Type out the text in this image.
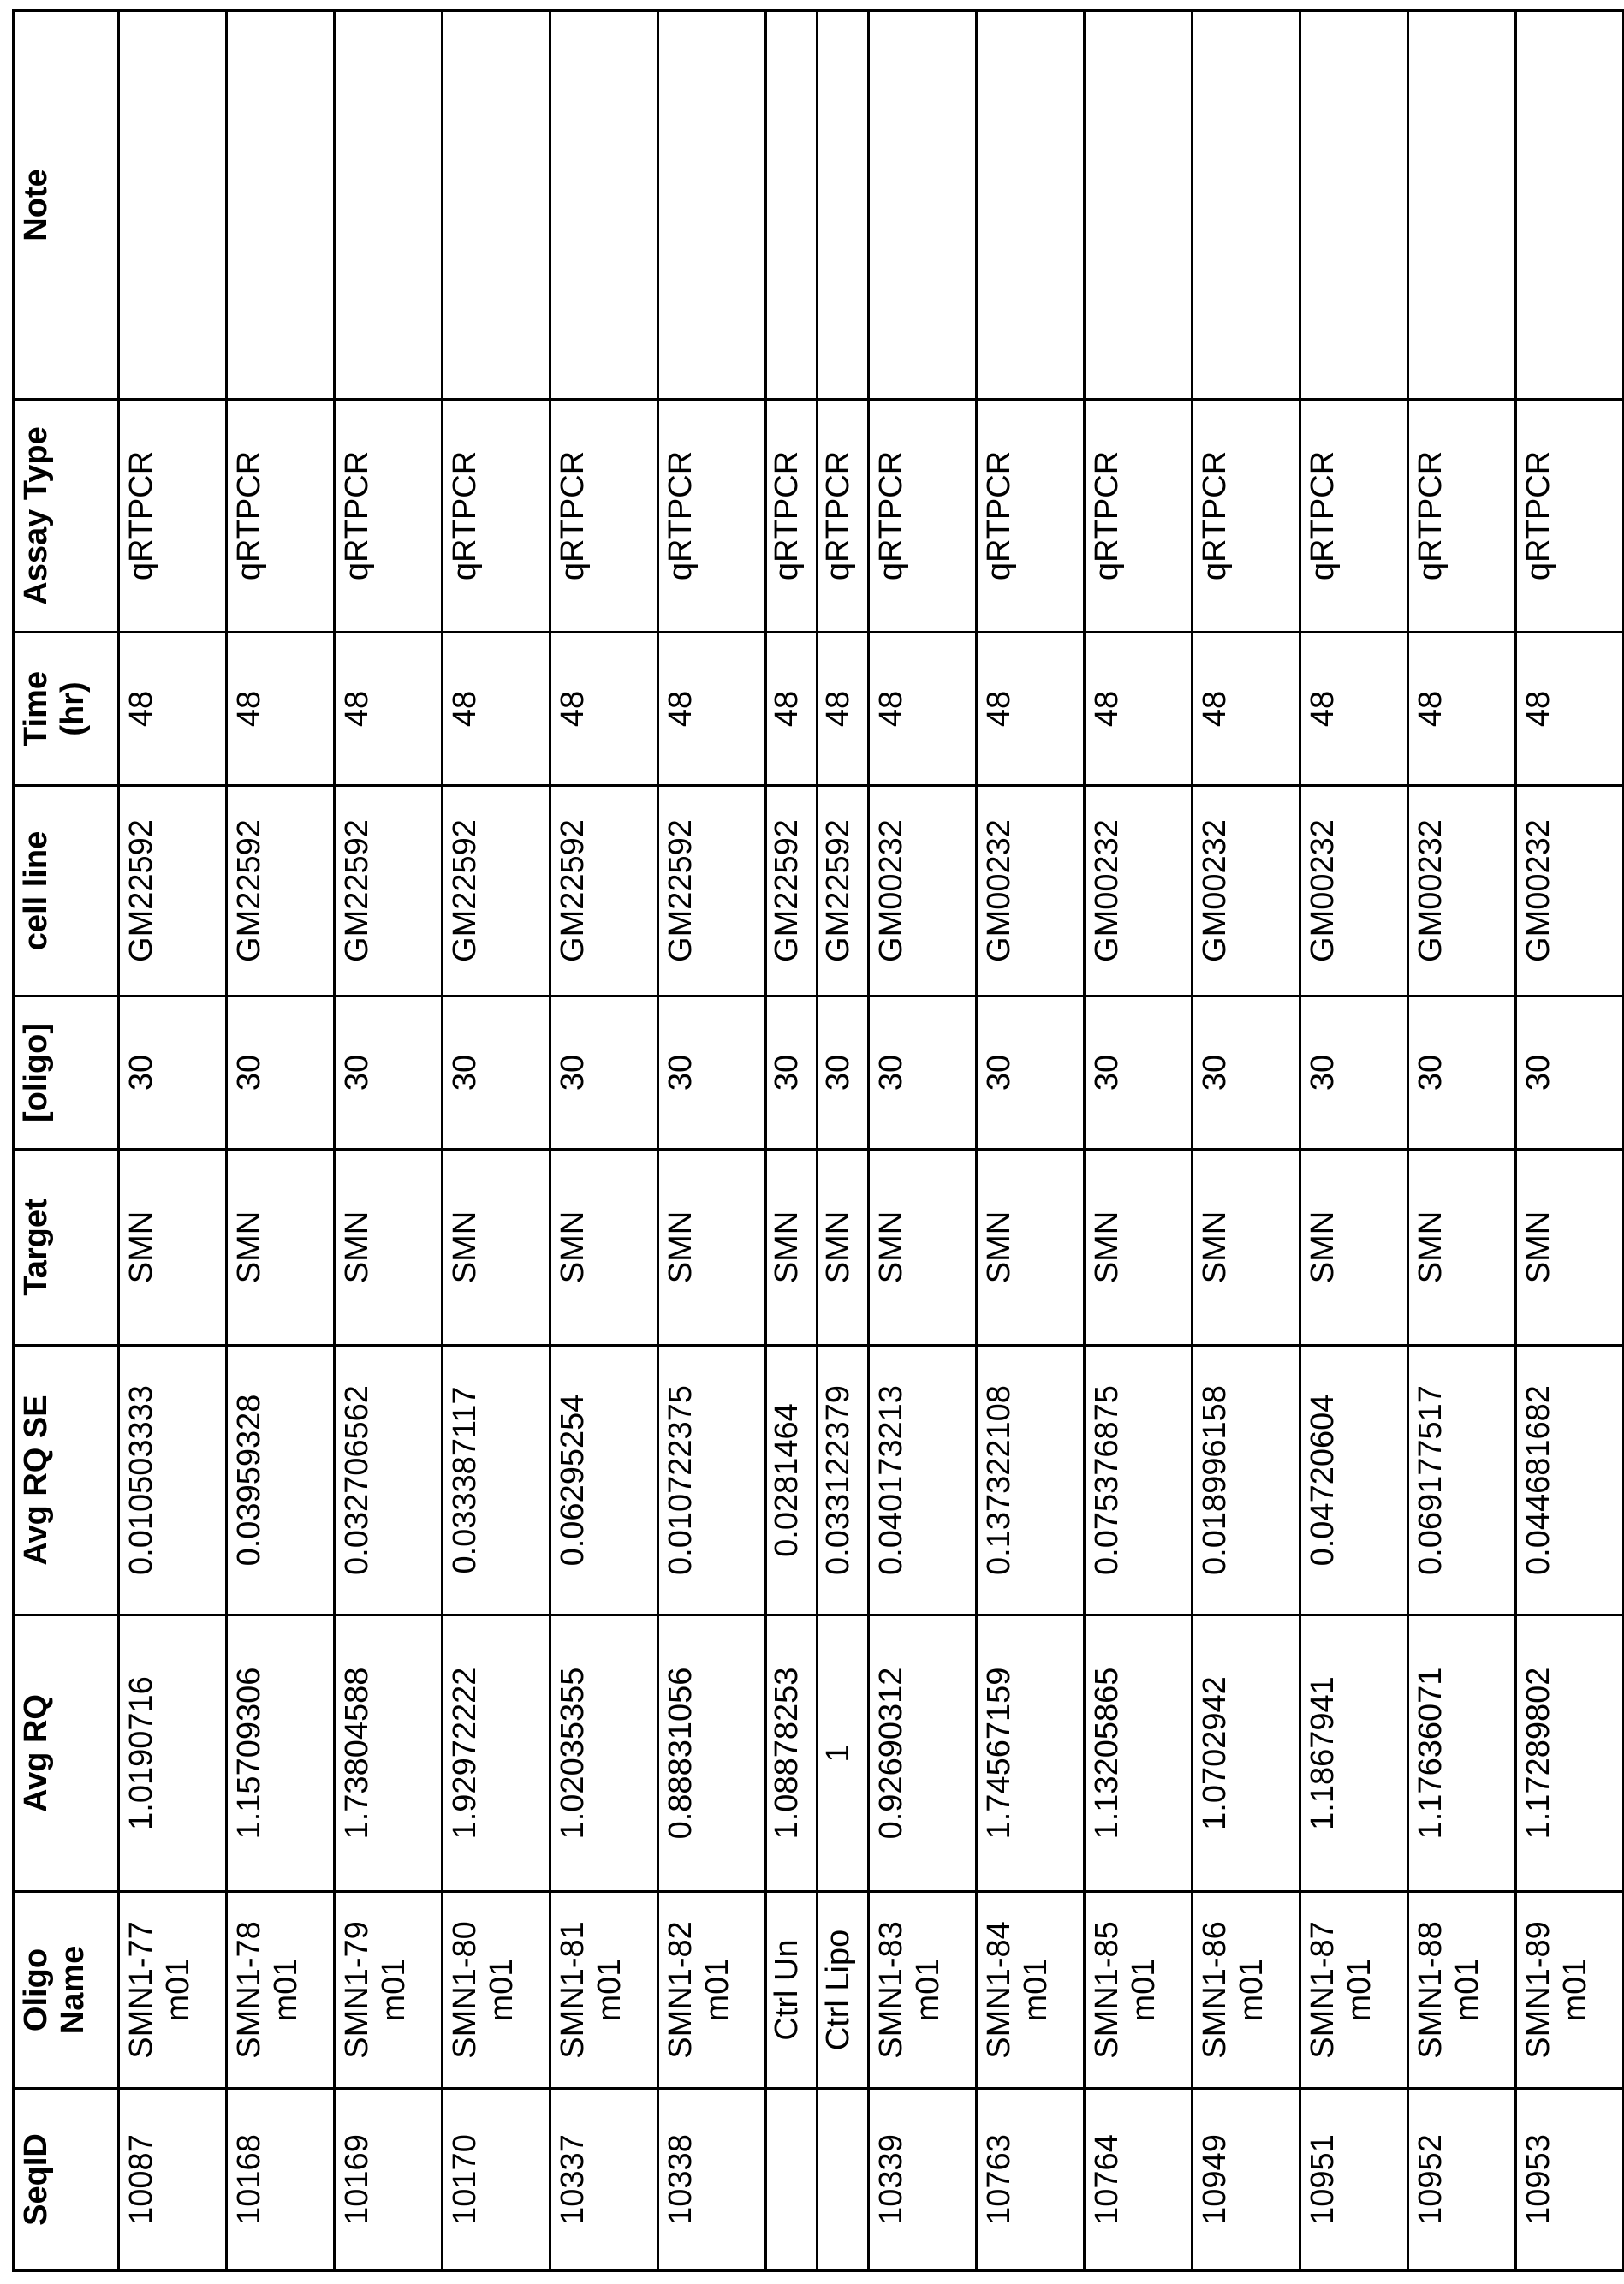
SeqID	Oligo Name	Avg RQ	Avg RQ SE	Target	[oligo]	cell line	Time (hr)	Assay Type	Note
10087	SMN1-77 m01	1.0190716	0.010503333	SMN	30	GM22592	48	qRTPCR	
10168	SMN1-78 m01	1.15709306	0.03959328	SMN	30	GM22592	48	qRTPCR	
10169	SMN1-79 m01	1.73804588	0.032706562	SMN	30	GM22592	48	qRTPCR	
10170	SMN1-80 m01	1.92972222	0.033387117	SMN	30	GM22592	48	qRTPCR	
10337	SMN1-81 m01	1.02035355	0.06295254	SMN	30	GM22592	48	qRTPCR	
10338	SMN1-82 m01	0.88831056	0.010722375	SMN	30	GM22592	48	qRTPCR	
	Ctrl Un	1.08878253	0.0281464	SMN	30	GM22592	48	qRTPCR	
	Ctrl Lipo	1	0.033122379	SMN	30	GM22592	48	qRTPCR	
10339	SMN1-83 m01	0.92690312	0.040173213	SMN	30	GM00232	48	qRTPCR	
10763	SMN1-84 m01	1.74567159	0.137322108	SMN	30	GM00232	48	qRTPCR	
10764	SMN1-85 m01	1.13205865	0.075376875	SMN	30	GM00232	48	qRTPCR	
10949	SMN1-86 m01	1.0702942	0.018996158	SMN	30	GM00232	48	qRTPCR	
10951	SMN1-87 m01	1.1867941	0.04720604	SMN	30	GM00232	48	qRTPCR	
10952	SMN1-88 m01	1.17636071	0.069177517	SMN	30	GM00232	48	qRTPCR	
10953	SMN1-89 m01	1.17289802	0.044681682	SMN	30	GM00232	48	qRTPCR	
